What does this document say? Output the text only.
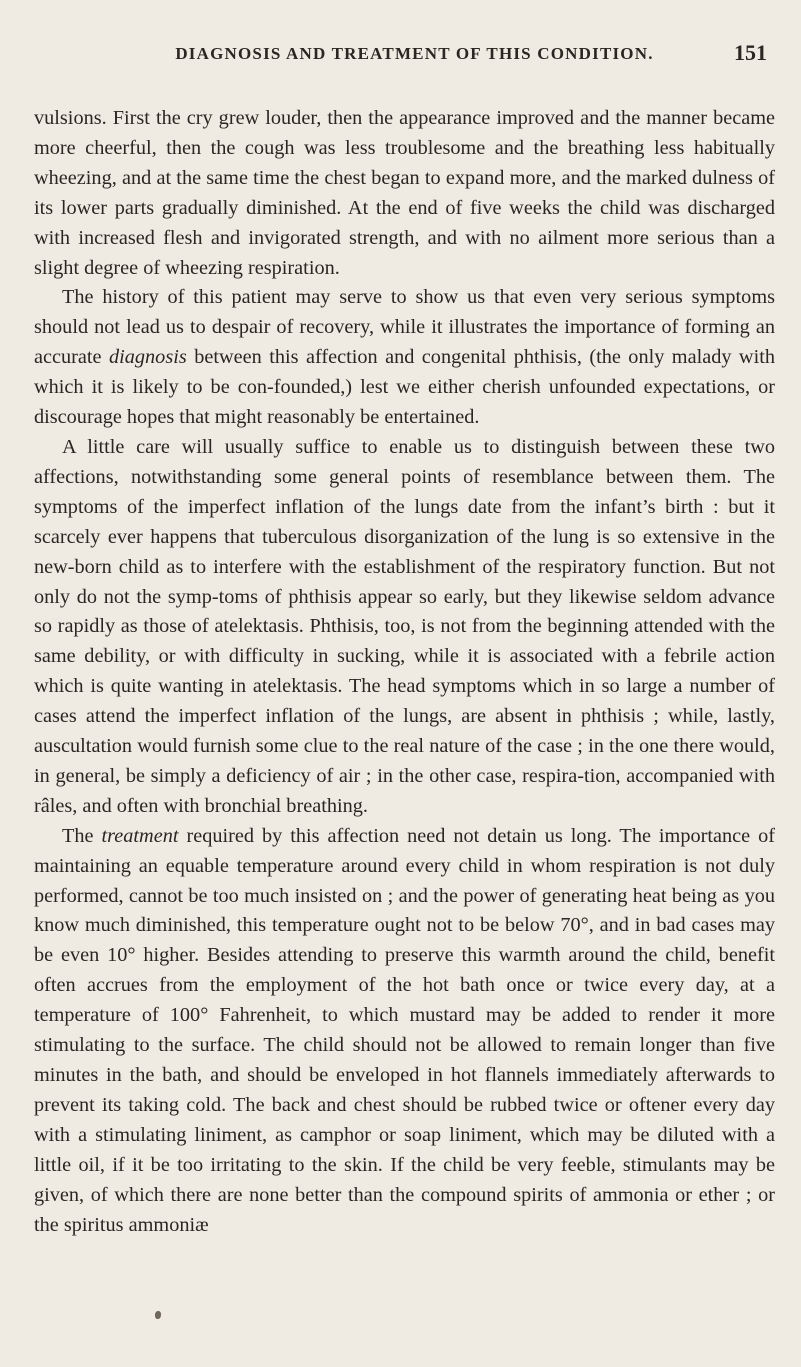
DIAGNOSIS AND TREATMENT OF THIS CONDITION.	151

vulsions. First the cry grew louder, then the appearance improved and the manner became more cheerful, then the cough was less troublesome and the breathing less habitually wheezing, and at the same time the chest began to expand more, and the marked dulness of its lower parts gradually diminished. At the end of five weeks the child was discharged with increased flesh and invigorated strength, and with no ailment more serious than a slight degree of wheezing respiration.

The history of this patient may serve to show us that even very serious symptoms should not lead us to despair of recovery, while it illustrates the importance of forming an accurate diagnosis between this affection and congenital phthisis, (the only malady with which it is likely to be con-founded,) lest we either cherish unfounded expectations, or discourage hopes that might reasonably be entertained.

A little care will usually suffice to enable us to distinguish between these two affections, notwithstanding some general points of resemblance between them. The symptoms of the imperfect inflation of the lungs date from the infant’s birth : but it scarcely ever happens that tuberculous disorganization of the lung is so extensive in the new-born child as to interfere with the establishment of the respiratory function. But not only do not the symp-toms of phthisis appear so early, but they likewise seldom advance so rapidly as those of atelektasis. Phthisis, too, is not from the beginning attended with the same debility, or with difficulty in sucking, while it is associated with a febrile action which is quite wanting in atelektasis. The head symptoms which in so large a number of cases attend the imperfect inflation of the lungs, are absent in phthisis ; while, lastly, auscultation would furnish some clue to the real nature of the case ; in the one there would, in general, be simply a deficiency of air ; in the other case, respira-tion, accompanied with râles, and often with bronchial breathing.

The treatment required by this affection need not detain us long. The importance of maintaining an equable temperature around every child in whom respiration is not duly performed, cannot be too much insisted on ; and the power of generating heat being as you know much diminished, this temperature ought not to be below 70°, and in bad cases may be even 10° higher. Besides attending to preserve this warmth around the child, benefit often accrues from the employment of the hot bath once or twice every day, at a temperature of 100° Fahrenheit, to which mustard may be added to render it more stimulating to the surface. The child should not be allowed to remain longer than five minutes in the bath, and should be enveloped in hot flannels immediately afterwards to prevent its taking cold. The back and chest should be rubbed twice or oftener every day with a stimulating liniment, as camphor or soap liniment, which may be diluted with a little oil, if it be too irritating to the skin. If the child be very feeble, stimulants may be given, of which there are none better than the compound spirits of ammonia or ether ; or the spiritus ammoniæ
